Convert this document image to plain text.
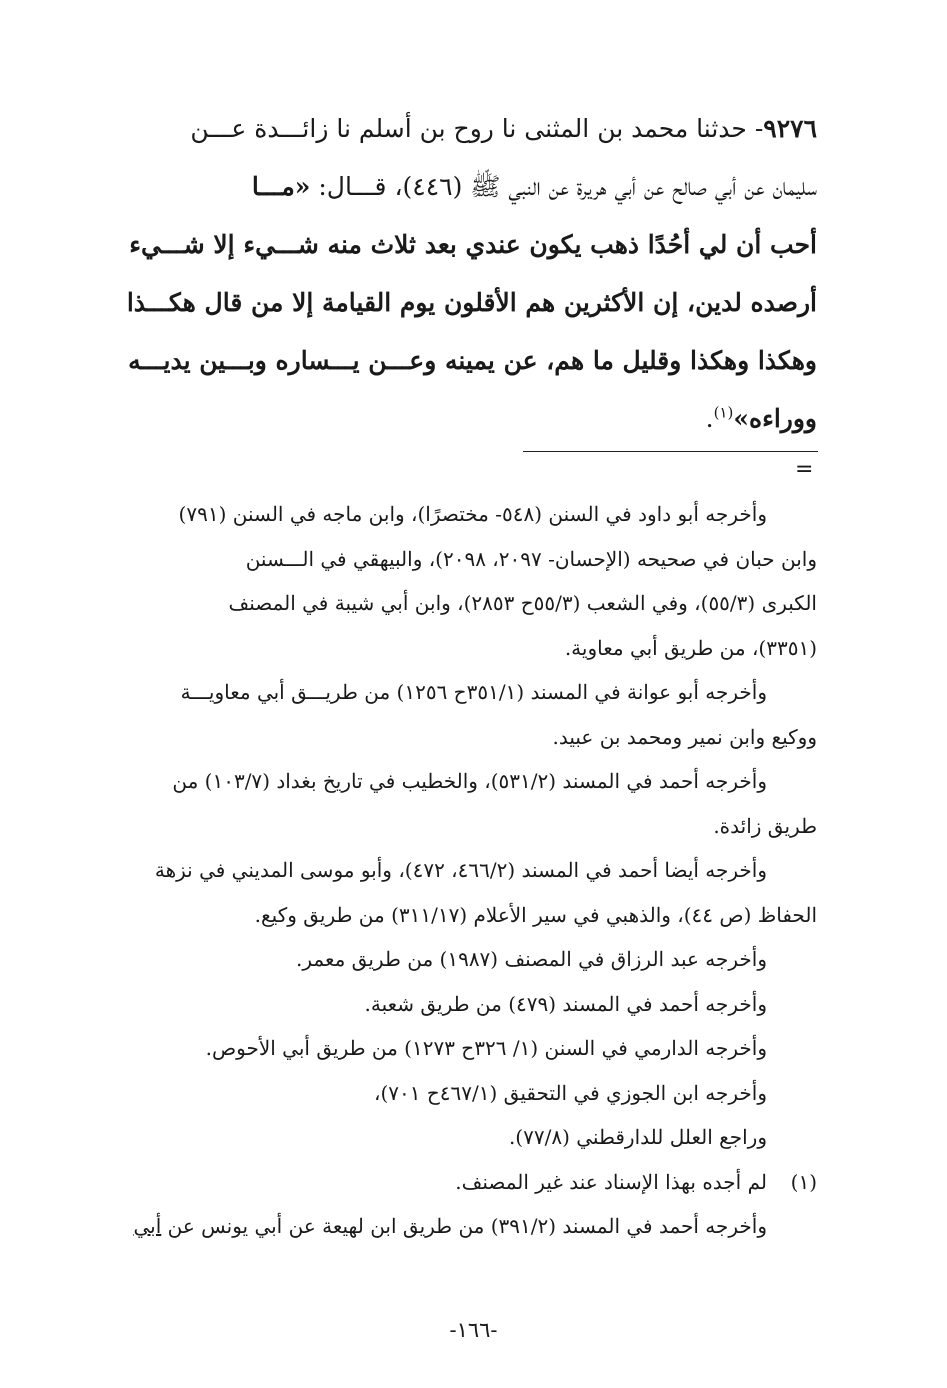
٩٢٧٦- حدثنا محمد بن المثنى نا روح بن أسلم نا زائـــدة عـــن
سليمان عن أبي صالح عن أبي هريرة عن النبي ﷺ (٤٤٦)، قـــال: «مـــا
أحب أن لي أحُدًا ذهب يكون عندي بعد ثلاث منه شـــيء إلا شـــيء
أرصده لدين، إن الأكثرين هم الأقلون يوم القيامة إلا من قال هكـــذا
وهكذا وهكذا وقليل ما هم، عن يمينه وعـــن يـــساره وبـــين يديـــه
ووراءه»$^{(١)}$.
=
وأخرجه أبو داود في السنن (٥٤٨- مختصرًا)، وابن ماجه في السنن (٧٩١)
وابن حبان في صحيحه (الإحسان- ٢٠٩٧، ٢٠٩٨)، والبيهقي في الـــسنن
الكبرى (٥٥/٣)، وفي الشعب (٥٥/٣ح ٢٨٥٣)، وابن أبي شيبة في المصنف
(٣٣٥١)، من طريق أبي معاوية.
وأخرجه أبو عوانة في المسند (٣٥١/١ح ١٢٥٦) من طريـــق أبي معاويـــة
ووكيع وابن نمير ومحمد بن عبيد.
وأخرجه أحمد في المسند (٥٣١/٢)، والخطيب في تاريخ بغداد (١٠٣/٧) من
طريق زائدة.
وأخرجه أيضا أحمد في المسند (٤٦٦/٢، ٤٧٢)، وأبو موسى المديني في نزهة
الحفاظ (ص ٤٤)، والذهبي في سير الأعلام (٣١١/١٧) من طريق وكيع.
وأخرجه عبد الرزاق في المصنف (١٩٨٧) من طريق معمر.
وأخرجه أحمد في المسند (٤٧٩) من طريق شعبة.
وأخرجه الدارمي في السنن (١/ ٣٢٦ح ١٢٧٣) من طريق أبي الأحوص.
وأخرجه ابن الجوزي في التحقيق (٤٦٧/١ح ٧٠١)،
وراجع العلل للدارقطني (٧٧/٨).
(١)لم أجده بهذا الإسناد عند غير المصنف.
وأخرجه أحمد في المسند (٣٩١/٢) من طريق ابن لهيعة عن أبي يونس عن أبي
-١٦٦-
